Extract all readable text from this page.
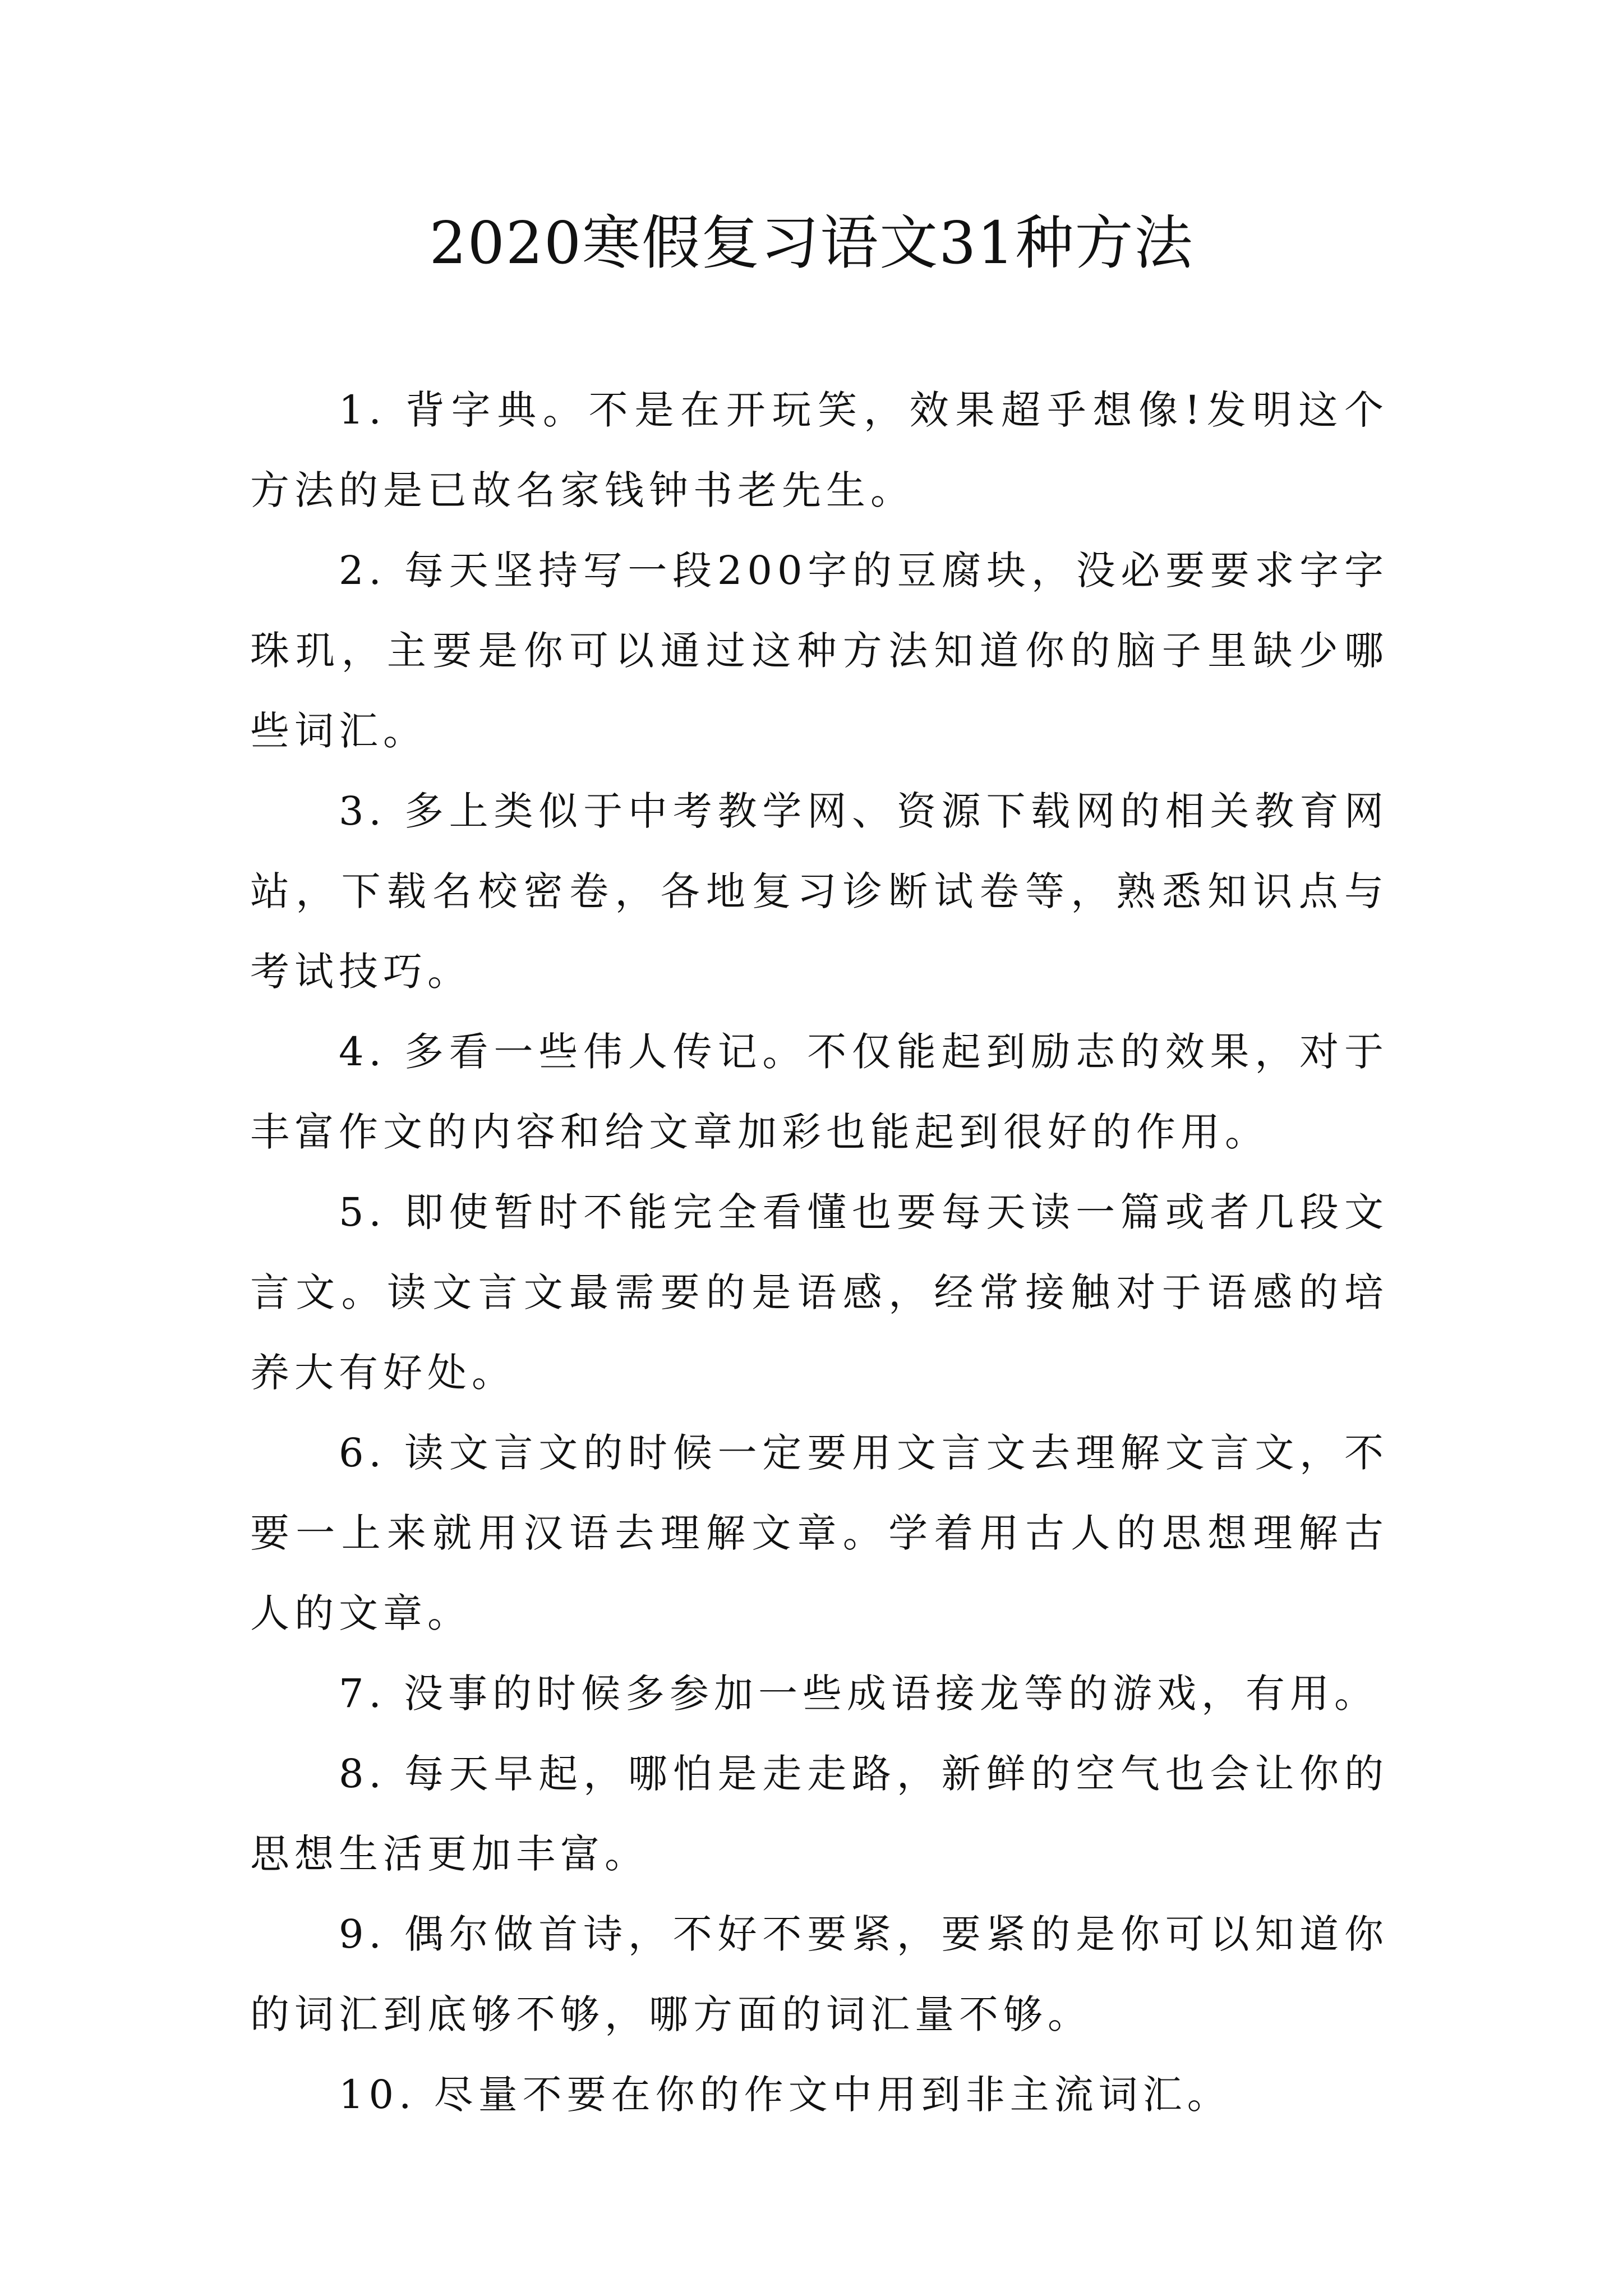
2020寒假复习语文31种方法

1. 背字典。不是在开玩笑，效果超乎想像!发明这个方法的是已故名家钱钟书老先生。

2. 每天坚持写一段200字的豆腐块，没必要要求字字珠玑，主要是你可以通过这种方法知道你的脑子里缺少哪些词汇。

3. 多上类似于中考教学网、资源下载网的相关教育网站，下载名校密卷，各地复习诊断试卷等，熟悉知识点与考试技巧。

4. 多看一些伟人传记。不仅能起到励志的效果，对于丰富作文的内容和给文章加彩也能起到很好的作用。

5. 即使暂时不能完全看懂也要每天读一篇或者几段文言文。读文言文最需要的是语感，经常接触对于语感的培养大有好处。

6. 读文言文的时候一定要用文言文去理解文言文，不要一上来就用汉语去理解文章。学着用古人的思想理解古人的文章。

7. 没事的时候多参加一些成语接龙等的游戏，有用。

8. 每天早起，哪怕是走走路，新鲜的空气也会让你的思想生活更加丰富。

9. 偶尔做首诗，不好不要紧，要紧的是你可以知道你的词汇到底够不够，哪方面的词汇量不够。

10. 尽量不要在你的作文中用到非主流词汇。
